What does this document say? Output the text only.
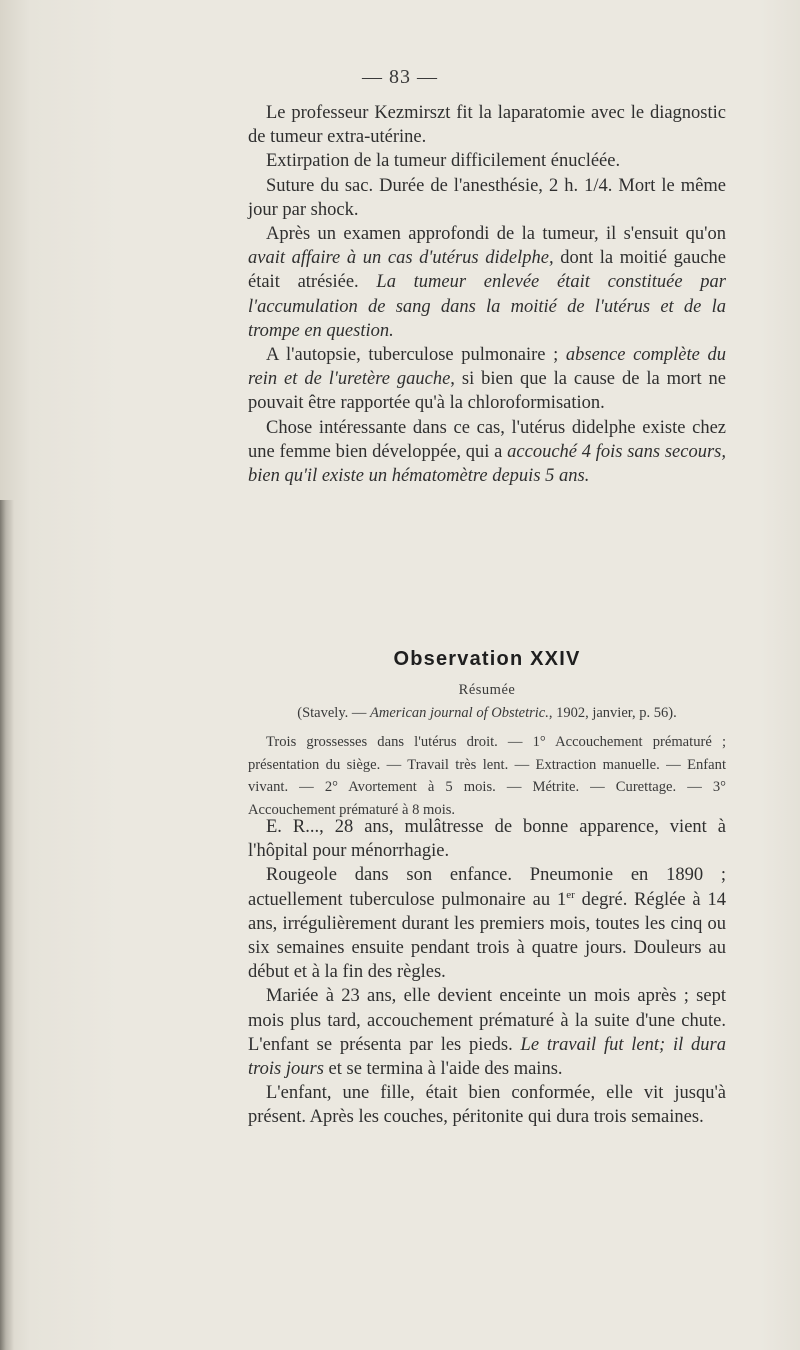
— 83 —

Le professeur Kezmirszt fit la laparatomie avec le diagnostic de tumeur extra-utérine.

Extirpation de la tumeur difficilement énucléée.

Suture du sac. Durée de l'anesthésie, 2 h. 1/4. Mort le même jour par shock.

Après un examen approfondi de la tumeur, il s'ensuit qu'on avait affaire à un cas d'utérus didelphe, dont la moitié gauche était atrésiée. La tumeur enlevée était constituée par l'accumulation de sang dans la moitié de l'utérus et de la trompe en question.

A l'autopsie, tuberculose pulmonaire ; absence complète du rein et de l'uretère gauche, si bien que la cause de la mort ne pouvait être rapportée qu'à la chloroformisation.

Chose intéressante dans ce cas, l'utérus didelphe existe chez une femme bien développée, qui a accouché 4 fois sans secours, bien qu'il existe un hématomètre depuis 5 ans.

Observation XXIV
Résumée
(Stavely. — American journal of Obstetric., 1902, janvier, p. 56).

Trois grossesses dans l'utérus droit. — 1° Accouchement prématuré ; présentation du siège. — Travail très lent. — Extraction manuelle. — Enfant vivant. — 2° Avortement à 5 mois. — Métrite. — Curettage. — 3° Accouchement prématuré à 8 mois.

E. R..., 28 ans, mulâtresse de bonne apparence, vient à l'hôpital pour ménorrhagie.

Rougeole dans son enfance. Pneumonie en 1890 ; actuellement tuberculose pulmonaire au 1er degré. Réglée à 14 ans, irrégulièrement durant les premiers mois, toutes les cinq ou six semaines ensuite pendant trois à quatre jours. Douleurs au début et à la fin des règles.

Mariée à 23 ans, elle devient enceinte un mois après ; sept mois plus tard, accouchement prématuré à la suite d'une chute. L'enfant se présenta par les pieds. Le travail fut lent; il dura trois jours et se termina à l'aide des mains.

L'enfant, une fille, était bien conformée, elle vit jusqu'à présent. Après les couches, péritonite qui dura trois semaines.
